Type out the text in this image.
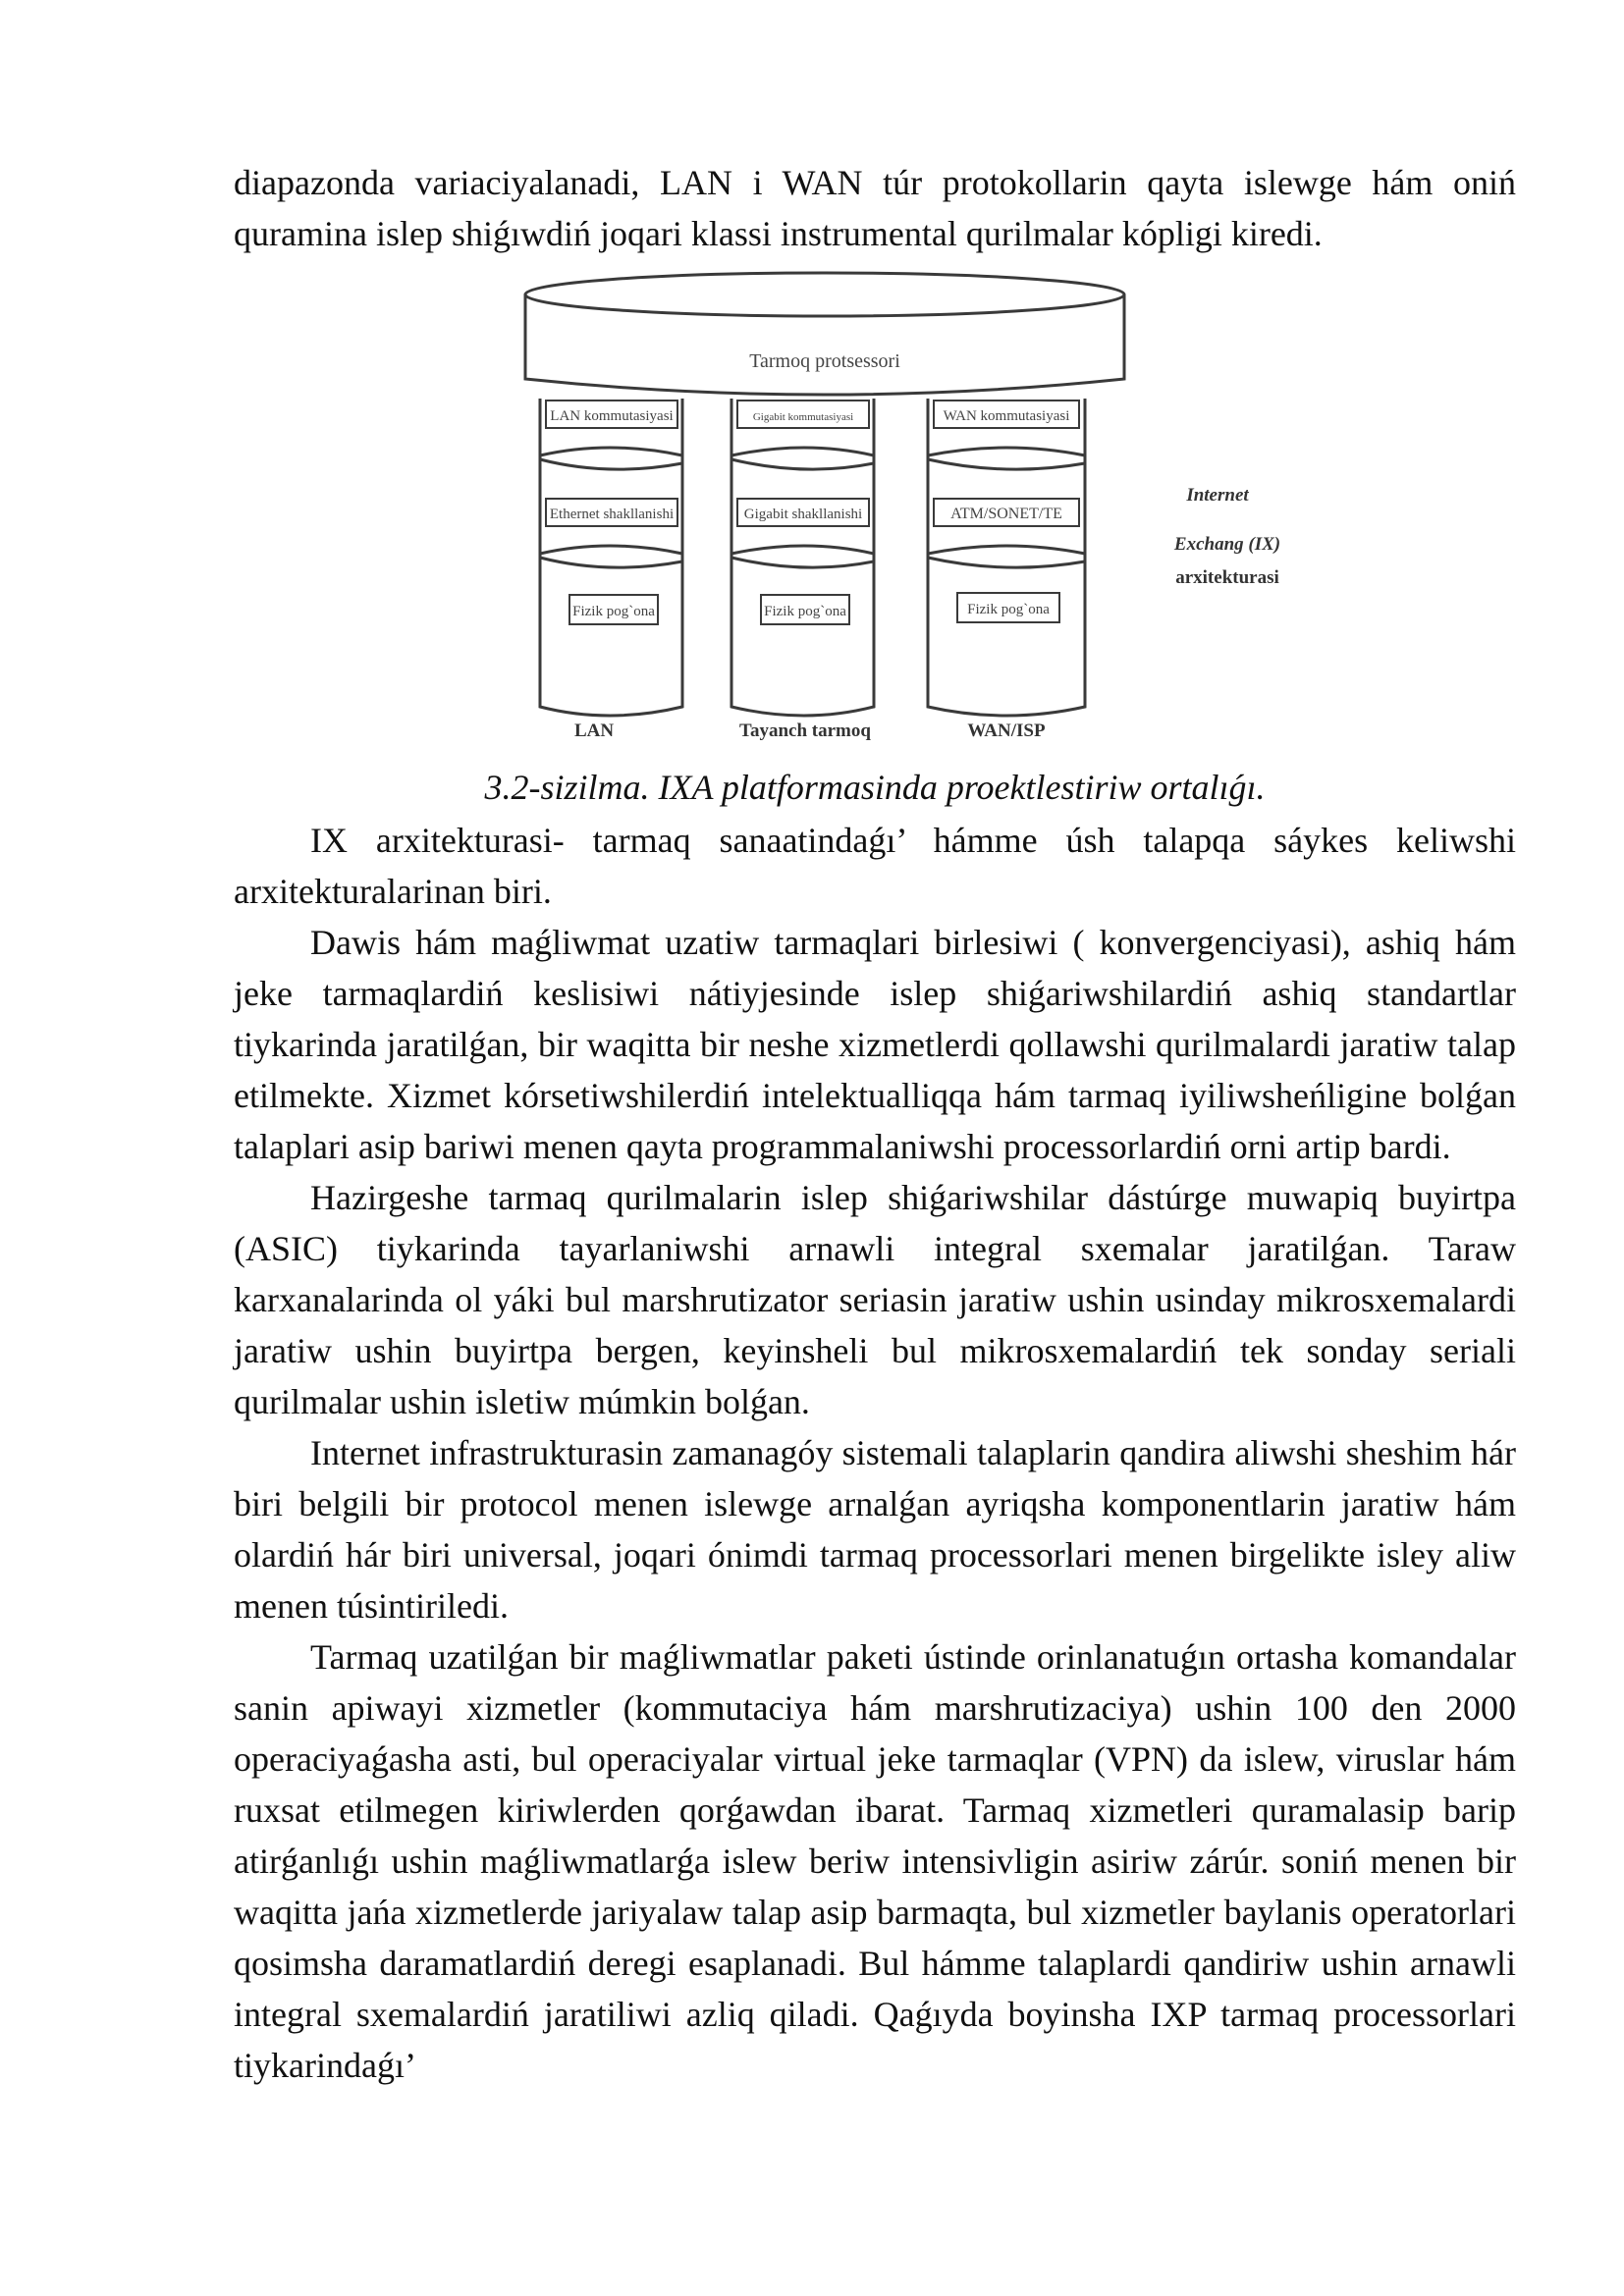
diapazonda variaciyalanadi, LAN i WAN túr protokollarin qayta islewge hám oniń quramina islep shiǵıwdiń joqari klassi instrumental qurilmalar kópligi kiredi.

Tarmoq protsessori
LAN kommutasiyasi	Gigabit kommutasiyasi	WAN kommutasiyasi
Ethernet shakllanishi	Gigabit shakllanishi	ATM/SONET/TE
Fizik pog`ona	Fizik pog`ona	Fizik pog`ona
LAN	Tayanch tarmoq	WAN/ISP
Internet
Exchang (IX)
arxitekturasi
3.2-sizilma. IXA platformasinda proektlestiriw ortalıǵı.

IX arxitekturasi- tarmaq sanaatindaǵı’ hámme úsh talapqa sáykes keliwshi arxitekturalarinan biri.

Dawis hám maǵliwmat uzatiw tarmaqlari birlesiwi ( konvergenciyasi), ashiq hám jeke tarmaqlardiń keslisiwi nátiyjesinde islep shiǵariwshilardiń ashiq standartlar tiykarinda jaratilǵan, bir waqitta bir neshe xizmetlerdi qollawshi qurilmalardi jaratiw talap etilmekte. Xizmet kórsetiwshilerdiń intelektualliqqa hám tarmaq iyiliwsheńligine bolǵan talaplari asip bariwi menen qayta programmalaniwshi processorlardiń orni artip bardi.

Hazirgeshe tarmaq qurilmalarin islep shiǵariwshilar dástúrge muwapiq buyirtpa (ASIC) tiykarinda tayarlaniwshi arnawli integral sxemalar jaratilǵan. Taraw karxanalarinda ol yáki bul marshrutizator seriasin jaratiw ushin usinday mikrosxemalardi jaratiw ushin buyirtpa bergen, keyinsheli bul mikrosxemalardiń tek sonday seriali qurilmalar ushin isletiw múmkin bolǵan.

Internet infrastrukturasin zamanagóy sistemali talaplarin qandira aliwshi sheshim hár biri belgili bir protocol menen islewge arnalǵan ayriqsha komponentlarin jaratiw hám olardiń hár biri universal, joqari ónimdi tarmaq processorlari menen birgelikte isley aliw menen túsintiriledi.

Tarmaq uzatilǵan bir maǵliwmatlar paketi ústinde orinlanatuǵın ortasha komandalar sanin apiwayi xizmetler (kommutaciya hám marshrutizaciya) ushin 100 den 2000 operaciyaǵasha asti, bul operaciyalar virtual jeke tarmaqlar (VPN) da islew, viruslar hám ruxsat etilmegen kiriwlerden qorǵawdan ibarat. Tarmaq xizmetleri quramalasip barip atirǵanlıǵı ushin maǵliwmatlarǵa islew beriw intensivligin asiriw zárúr. soniń menen bir waqitta jańa xizmetlerde jariyalaw talap asip barmaqta, bul xizmetler baylanis operatorlari qosimsha daramatlardiń deregi esaplanadi. Bul hámme talaplardi qandiriw ushin arnawli integral sxemalardiń jaratiliwi azliq qiladi. Qaǵıyda boyinsha IXP tarmaq processorlari tiykarindaǵı’
